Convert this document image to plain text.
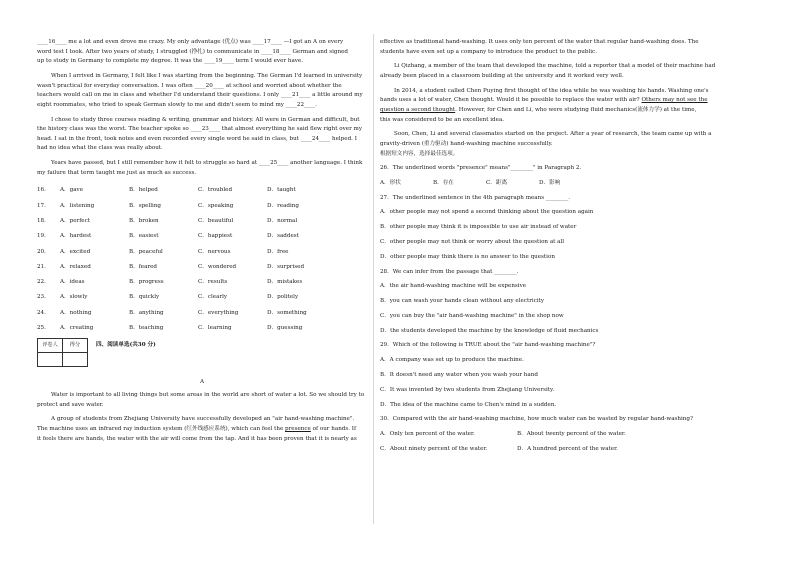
____16____ me a lot and even drove me crazy. My only advantage (优点) was ____17____ —I got an A on every

word test I took. After two years of study, I struggled (挣扎) to communicate in ____18____ German and signed

up to study in Germany to complete my degree. It was the ____19____ term I would ever have.

When I arrived in Germany, I felt like I was starting from the beginning. The German I'd learned in university

wasn't practical for everyday conversation. I was often ____20____ at school and worried about whether the

teachers would call on me in class and whether I'd understand their questions. I only ____21____ a little around my

eight roommates, who tried to speak German slowly to me and didn't seem to mind my ____22____.

I chose to study three courses reading & writing, grammar and history. All were in German and difficult, but

the history class was the worst. The teacher spoke so ____23____ that almost everything he said flew right over my

head. I sat in the front, took notes and even recorded every single word he said in class, but ____24____ helped. I

had no idea what the class was really about.

Years have passed, but I still remember how it felt to struggle so hard at ____25____ another language. I think

my failure that term taught me just as much as success.

16．	A．gave	B．helped	C．troubled	D．taught
17．	A．listening	B．spelling	C．speaking	D．reading
18．	A．perfect	B．broken	C．beautiful	D．normal
19．	A．hardest	B．easiest	C．happiest	D．saddest
20．	A．excited	B．peaceful	C．nervous	D．free
21．	A．relaxed	B．feared	C．wondered	D．surprised
22．	A．ideas	B．progress	C．results	D．mistakes
23．	A．slowly	B．quickly	C．clearly	D．politely
24．	A．nothing	B．anything	C．everything	D．something
25．	A．creating	B．teaching	C．learning	D．guessing
评卷人	得分
		四、阅读单选(共30 分)
A

Water is important to all living things but some areas in the world are short of water a lot. So we should try to

protect and save water.

A group of students from Zhejiang University have successfully developed an "air hand-washing machine".

The machine uses an infrared ray induction system (红外线感应系统), which can feel the presence of our hands. If

it feels there are hands, the water with the air will come from the tap. And it has been proven that it is nearly as

effective as traditional hand-washing. It uses only ten percent of the water that regular hand-washing does. The

students have even set up a company to introduce the product to the public.

Li Qizhang, a member of the team that developed the machine, told a reporter that a model of their machine had

already been placed in a classroom building at the university and it worked very well.

In 2014, a student called Chen Puying first thought of the idea while he was washing his hands. Washing one's

hands uses a lot of water, Chen thought. Would it be possible to replace the water with air? Others may not see the

question a second thought. However, for Chen and Li, who were studying fluid mechanics(流体力学) at the time,

this was considered to be an excellent idea.

Soon, Chen, Li and several classmates started on the project. After a year of research, the team came up with a

gravity-driven (重力驱动) hand-washing machine successfully.

根据短文内容，选择最佳选项。

26．The underlined words "presence" means"________" in Paragraph 2.

A．形状	B．存在	C．距离	D．影响

27．The underlined sentence in the 4th paragraph means ________.

A．other people may not spend a second thinking about the question again

B．other people may think it is impossible to use air instead of water

C．other people may not think or worry about the question at all

D．other people may think there is no answer to the question

28．We can infer from the passage that ________.

A．the air hand-washing machine will be expensive

B．you can wash your hands clean without any electricity

C．you can buy the "air hand-washing machine" in the shop now

D．the students developed the machine by the knowledge of fluid mechanics

29．Which of the following is TRUE about the "air hand-washing machine"?

A．A company was set up to produce the machine.

B．It doesn't need any water when you wash your hand

C．It was invented by two students from Zhejiang University.

D．The idea of the machine came to Chen's mind in a sudden.

30．Compared with the air hand-washing machine, how much water can be wasted by regular hand-washing?

A．Only ten percent of the water.	B．About twenty percent of the water.

C．About ninety percent of the water.	D．A hundred percent of the water.
